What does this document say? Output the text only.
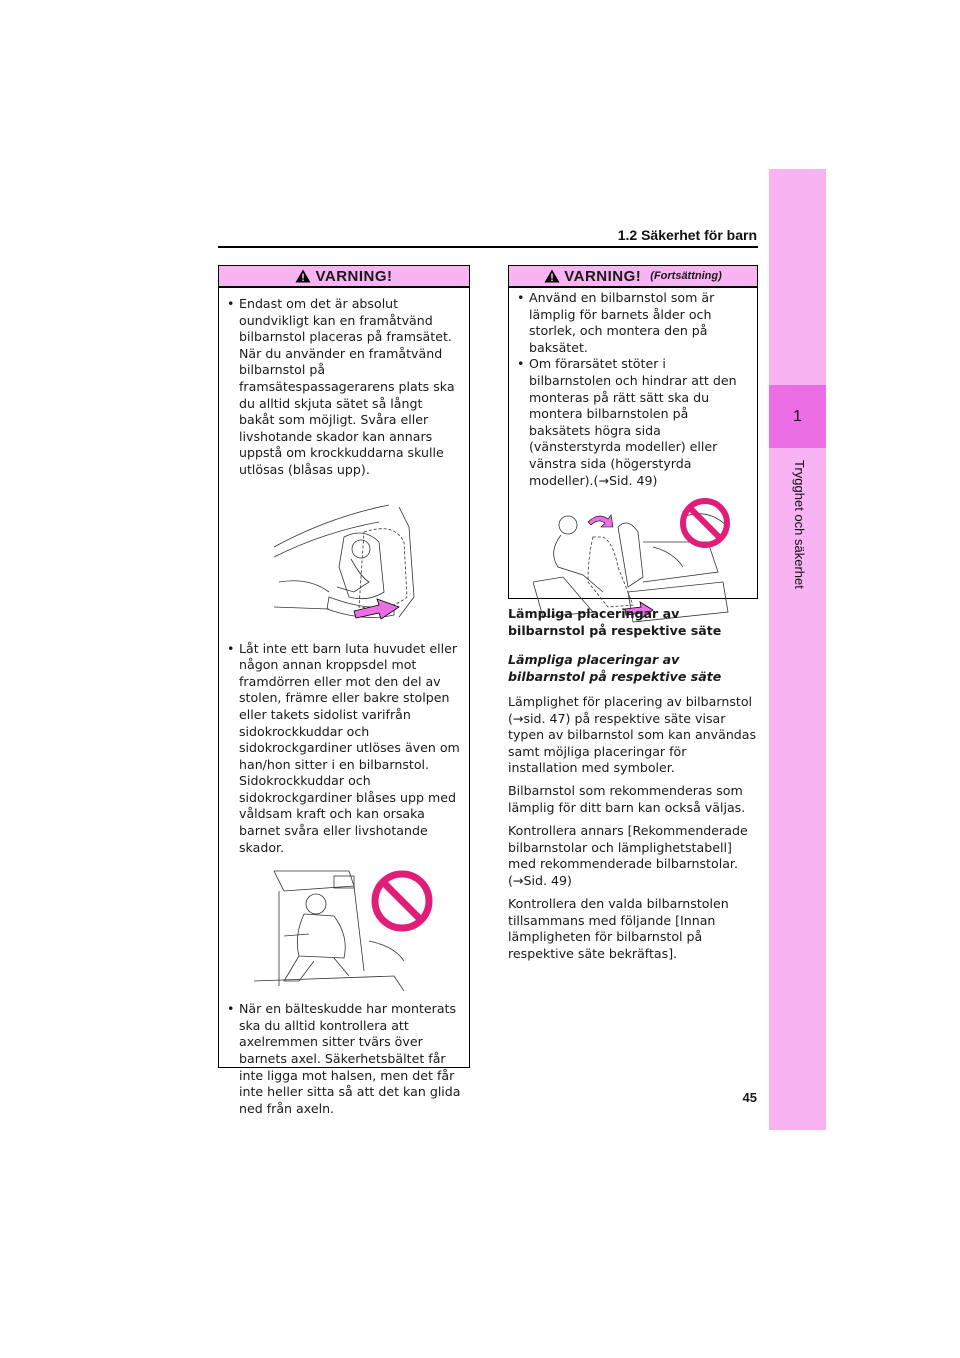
1
Trygghet och säkerhet
1.2 Säkerhet för barn
VARNING!
• Endast om det är absolut oundvikligt kan en framåtvänd bilbarnstol placeras på framsätet. När du använder en framåtvänd bilbarnstol på framsätespassagerarens plats ska du alltid skjuta sätet så långt bakåt som möjligt. Svåra eller livshotande skador kan annars uppstå om krockkuddarna skulle utlösas (blåsas upp).
• Låt inte ett barn luta huvudet eller någon annan kroppsdel mot framdörren eller mot den del av stolen, främre eller bakre stolpen eller takets sidolist varifrån sidokrockkuddar och sidokrockgardiner utlöses även om han/hon sitter i en bilbarnstol. Sidokrockkuddar och sidokrockgardiner blåses upp med våldsam kraft och kan orsaka barnet svåra eller livshotande skador.
• När en bälteskudde har monterats ska du alltid kontrollera att axelremmen sitter tvärs över barnets axel. Säkerhetsbältet får inte ligga mot halsen, men det får inte heller sitta så att det kan glida ned från axeln.
VARNING! (Fortsättning)
• Använd en bilbarnstol som är lämplig för barnets ålder och storlek, och montera den på baksätet.
• Om förarsätet stöter i bilbarnstolen och hindrar att den monteras på rätt sätt ska du montera bilbarnstolen på baksätets högra sida (vänsterstyrda modeller) eller vänstra sida (högerstyrda modeller).(→Sid. 49)
Lämpliga placeringar av bilbarnstol på respektive säte
Lämpliga placeringar av bilbarnstol på respektive säte
Lämplighet för placering av bilbarnstol (→sid. 47) på respektive säte visar typen av bilbarnstol som kan användas samt möjliga placeringar för installation med symboler.
Bilbarnstol som rekommenderas som lämplig för ditt barn kan också väljas.
Kontrollera annars [Rekommenderade bilbarnstolar och lämplighetstabell] med rekommenderade bilbarnstolar. (→Sid. 49)
Kontrollera den valda bilbarnstolen tillsammans med följande [Innan lämpligheten för bilbarnstol på respektive säte bekräftas].
45
